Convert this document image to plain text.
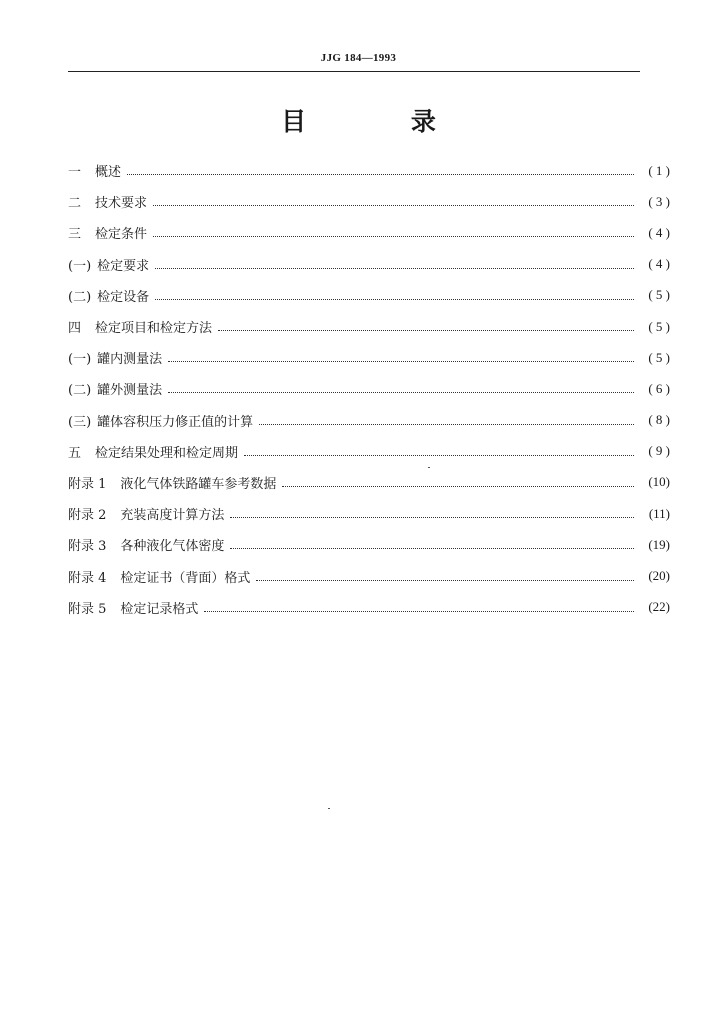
JJG 184—1993
目 录
一 概述	( 1 )
二 技术要求	( 3 )
三 检定条件	( 4 )
(一) 检定要求	( 4 )
(二) 检定设备	( 5 )
四 检定项目和检定方法	( 5 )
(一) 罐内测量法	( 5 )
(二) 罐外测量法	( 6 )
(三) 罐体容积压力修正值的计算	( 8 )
五 检定结果处理和检定周期	( 9 )
附录 1 液化气体铁路罐车参考数据	(10)
附录 2 充装高度计算方法	(11)
附录 3 各种液化气体密度	(19)
附录 4 检定证书（背面）格式	(20)
附录 5 检定记录格式	(22)
